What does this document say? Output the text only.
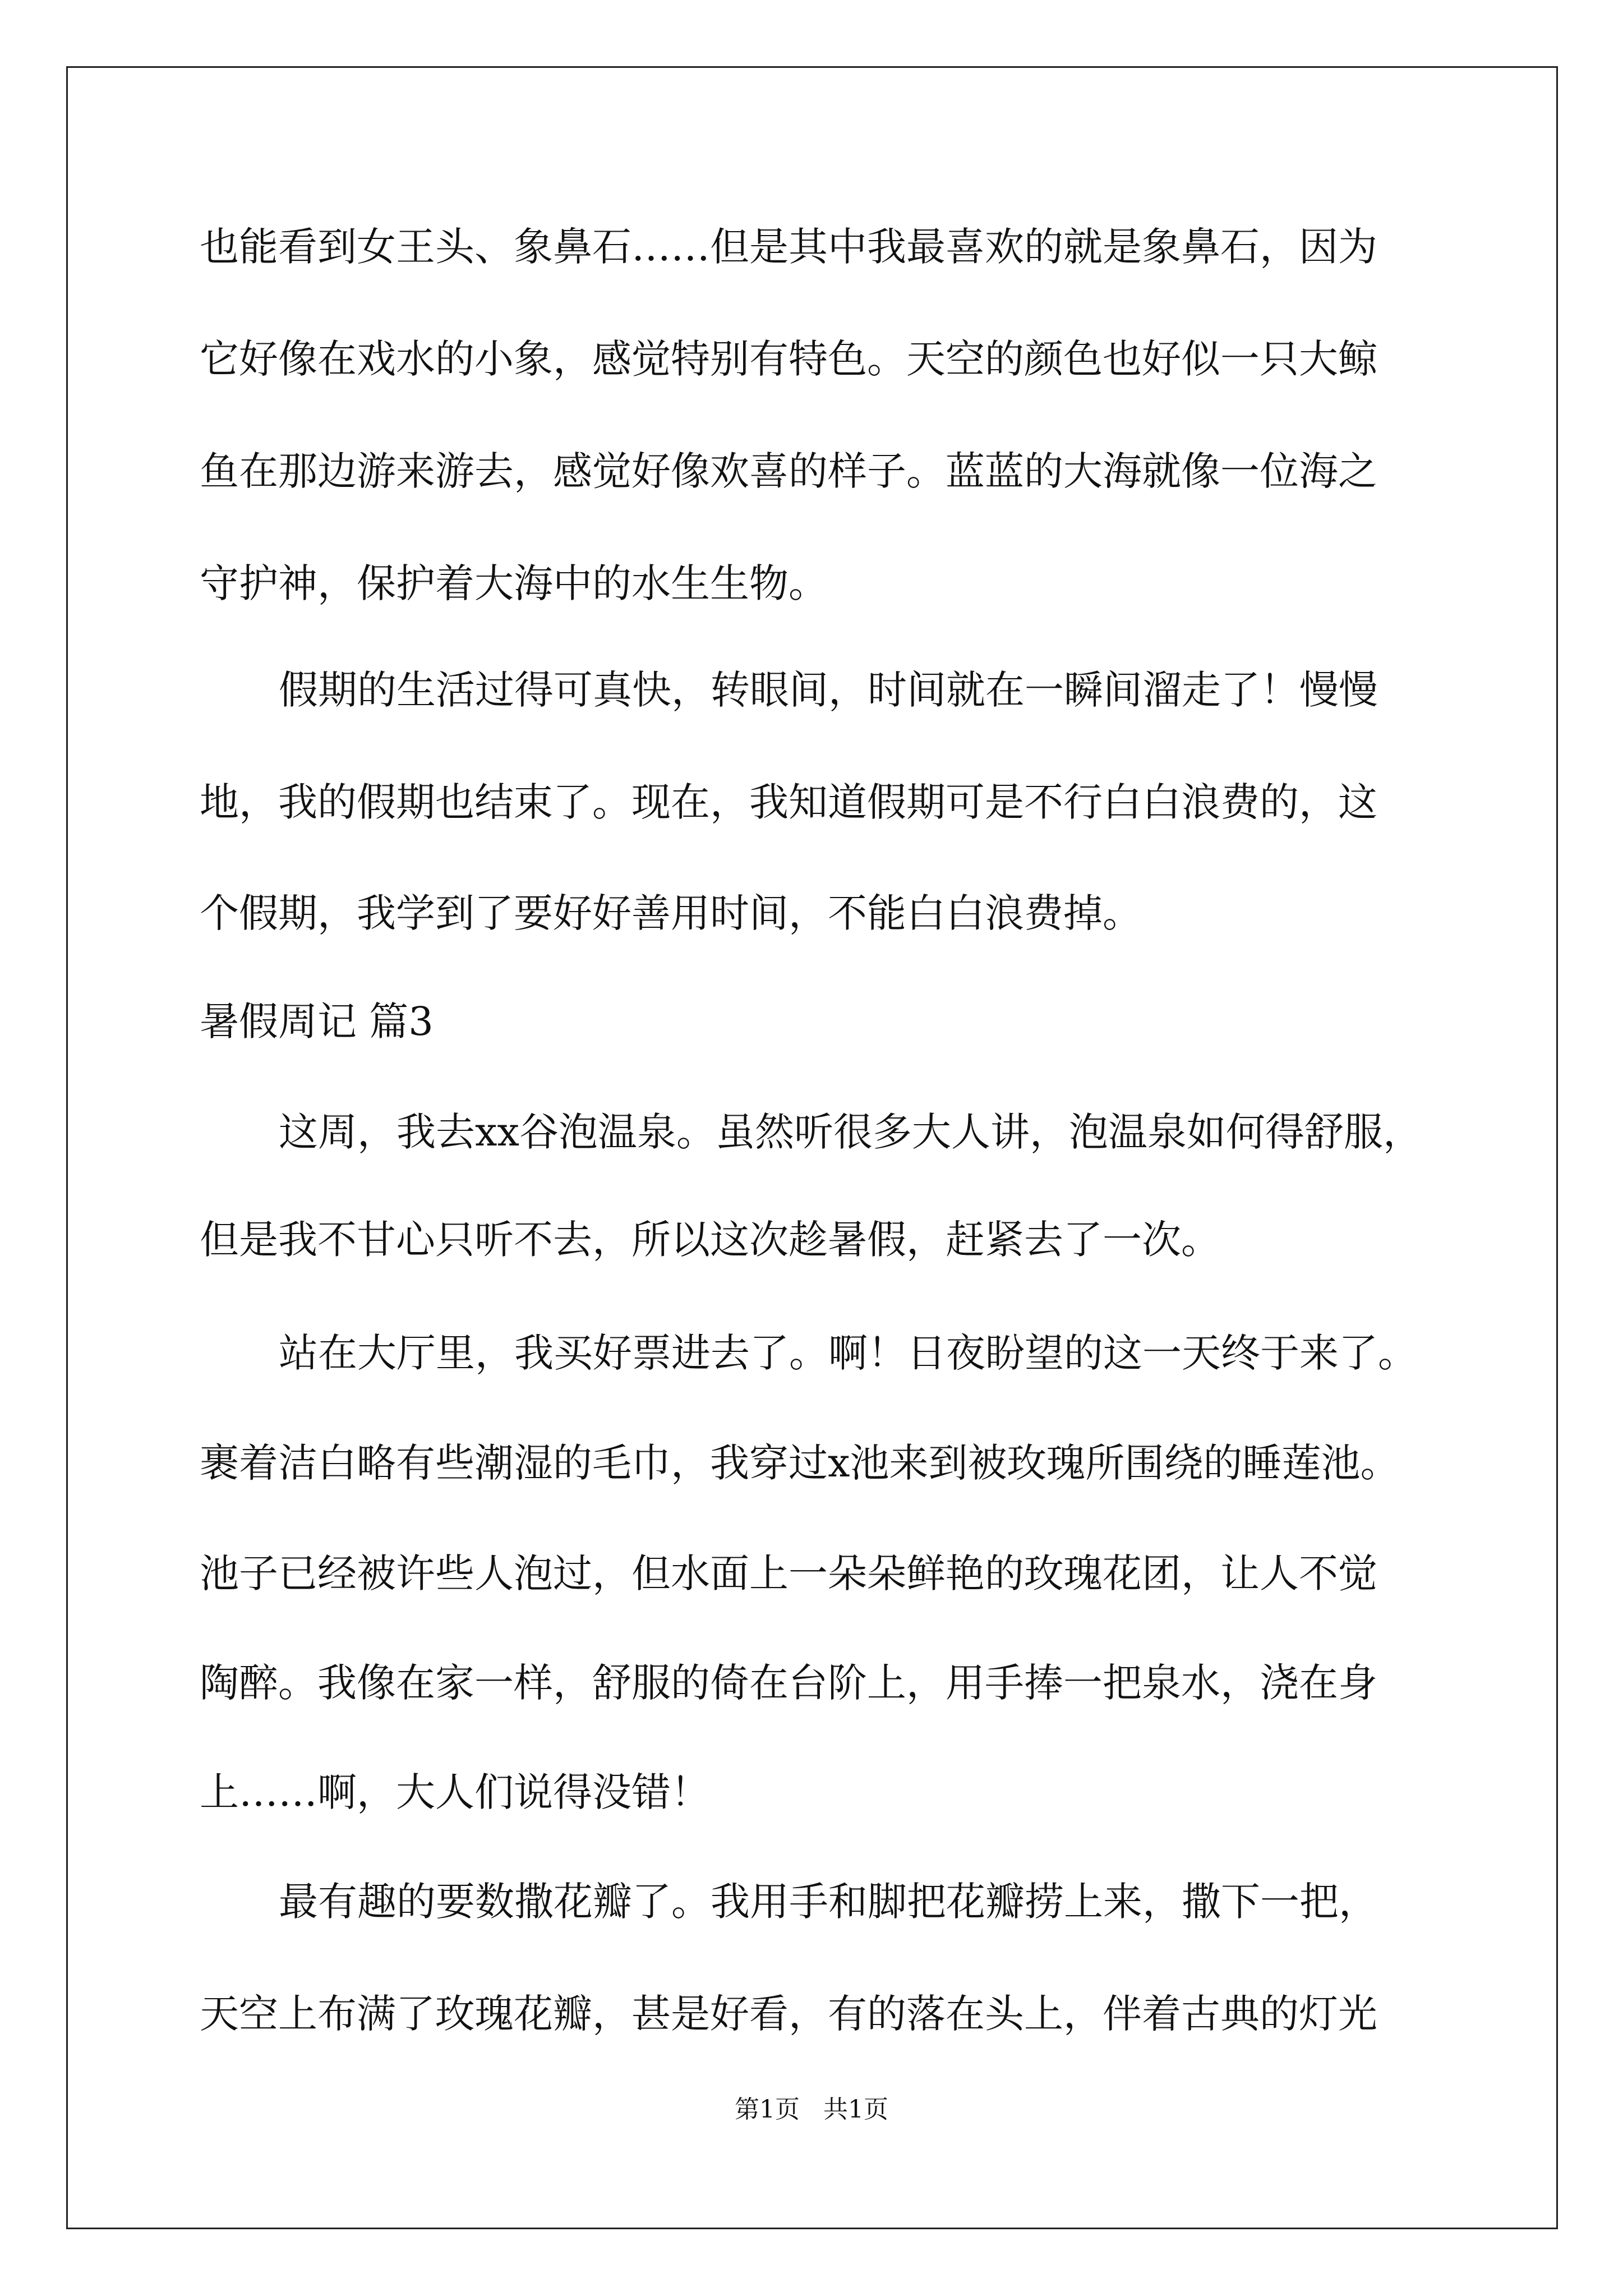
也能看到女王头、象鼻石……但是其中我最喜欢的就是象鼻石，因为
它好像在戏水的小象，感觉特别有特色。天空的颜色也好似一只大鲸
鱼在那边游来游去，感觉好像欢喜的样子。蓝蓝的大海就像一位海之
守护神，保护着大海中的水生生物。
假期的生活过得可真快，转眼间，时间就在一瞬间溜走了！慢慢
地，我的假期也结束了。现在，我知道假期可是不行白白浪费的，这
个假期，我学到了要好好善用时间，不能白白浪费掉。
暑假周记 篇3
这周，我去xx谷泡温泉。虽然听很多大人讲，泡温泉如何得舒服，
但是我不甘心只听不去，所以这次趁暑假，赶紧去了一次。
站在大厅里，我买好票进去了。啊！日夜盼望的这一天终于来了。
裹着洁白略有些潮湿的毛巾，我穿过x池来到被玫瑰所围绕的睡莲池。
池子已经被许些人泡过，但水面上一朵朵鲜艳的玫瑰花团，让人不觉
陶醉。我像在家一样，舒服的倚在台阶上，用手捧一把泉水，浇在身
上……啊，大人们说得没错！
最有趣的要数撒花瓣了。我用手和脚把花瓣捞上来，撒下一把，
天空上布满了玫瑰花瓣，甚是好看，有的落在头上，伴着古典的灯光
第1页 共1页
